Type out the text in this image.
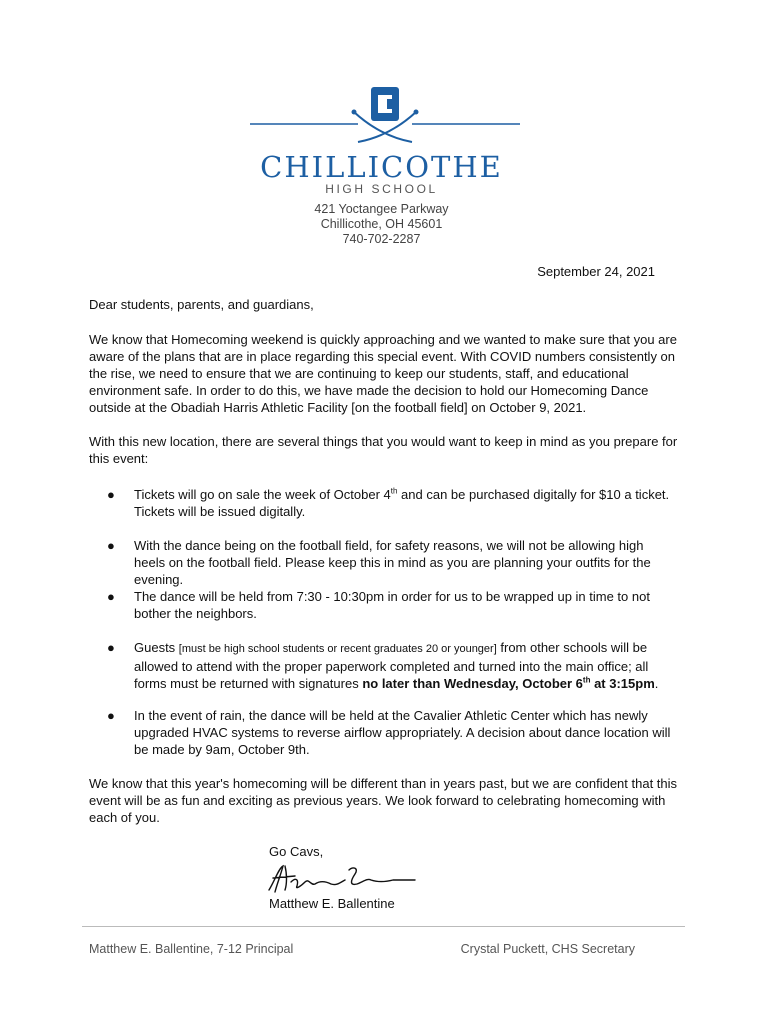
CHILLICOTHE
HIGH SCHOOL
421 Yoctangee Parkway
Chillicothe, OH 45601
740-702-2287
September 24, 2021
Dear students, parents, and guardians,

We know that Homecoming weekend is quickly approaching and we wanted to make sure that you are aware of the plans that are in place regarding this special event. With COVID numbers consistently on the rise, we need to ensure that we are continuing to keep our students, staff, and educational environment safe. In order to do this, we have made the decision to hold our Homecoming Dance outside at the Obadiah Harris Athletic Facility [on the football field] on October 9, 2021.

With this new location, there are several things that you would want to keep in mind as you prepare for this event:

● Tickets will go on sale the week of October 4th and can be purchased digitally for $10 a ticket. Tickets will be issued digitally.
● With the dance being on the football field, for safety reasons, we will not be allowing high heels on the football field. Please keep this in mind as you are planning your outfits for the evening.
● The dance will be held from 7:30 - 10:30pm in order for us to be wrapped up in time to not bother the neighbors.
● Guests [must be high school students or recent graduates 20 or younger] from other schools will be allowed to attend with the proper paperwork completed and turned into the main office; all forms must be returned with signatures no later than Wednesday, October 6th at 3:15pm.
● In the event of rain, the dance will be held at the Cavalier Athletic Center which has newly upgraded HVAC systems to reverse airflow appropriately. A decision about dance location will be made by 9am, October 9th.

We know that this year's homecoming will be different than in years past, but we are confident that this event will be as fun and exciting as previous years. We look forward to celebrating homecoming with each of you.

Go Cavs,
Matthew E. Ballentine
Matthew E. Ballentine, 7-12 Principal	Crystal Puckett, CHS Secretary
